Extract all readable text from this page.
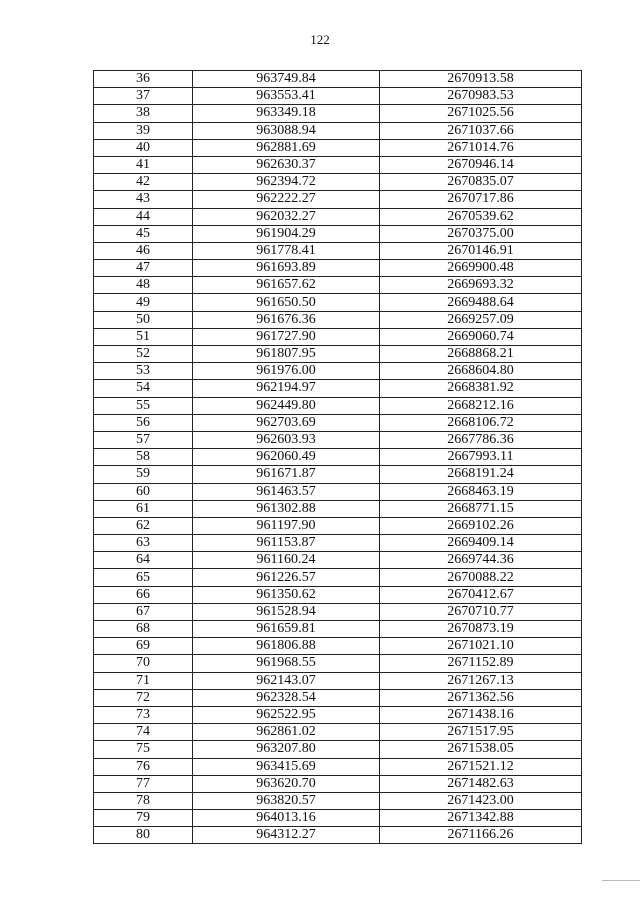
122
36	963749.84	2670913.58
37	963553.41	2670983.53
38	963349.18	2671025.56
39	963088.94	2671037.66
40	962881.69	2671014.76
41	962630.37	2670946.14
42	962394.72	2670835.07
43	962222.27	2670717.86
44	962032.27	2670539.62
45	961904.29	2670375.00
46	961778.41	2670146.91
47	961693.89	2669900.48
48	961657.62	2669693.32
49	961650.50	2669488.64
50	961676.36	2669257.09
51	961727.90	2669060.74
52	961807.95	2668868.21
53	961976.00	2668604.80
54	962194.97	2668381.92
55	962449.80	2668212.16
56	962703.69	2668106.72
57	962603.93	2667786.36
58	962060.49	2667993.11
59	961671.87	2668191.24
60	961463.57	2668463.19
61	961302.88	2668771.15
62	961197.90	2669102.26
63	961153.87	2669409.14
64	961160.24	2669744.36
65	961226.57	2670088.22
66	961350.62	2670412.67
67	961528.94	2670710.77
68	961659.81	2670873.19
69	961806.88	2671021.10
70	961968.55	2671152.89
71	962143.07	2671267.13
72	962328.54	2671362.56
73	962522.95	2671438.16
74	962861.02	2671517.95
75	963207.80	2671538.05
76	963415.69	2671521.12
77	963620.70	2671482.63
78	963820.57	2671423.00
79	964013.16	2671342.88
80	964312.27	2671166.26
